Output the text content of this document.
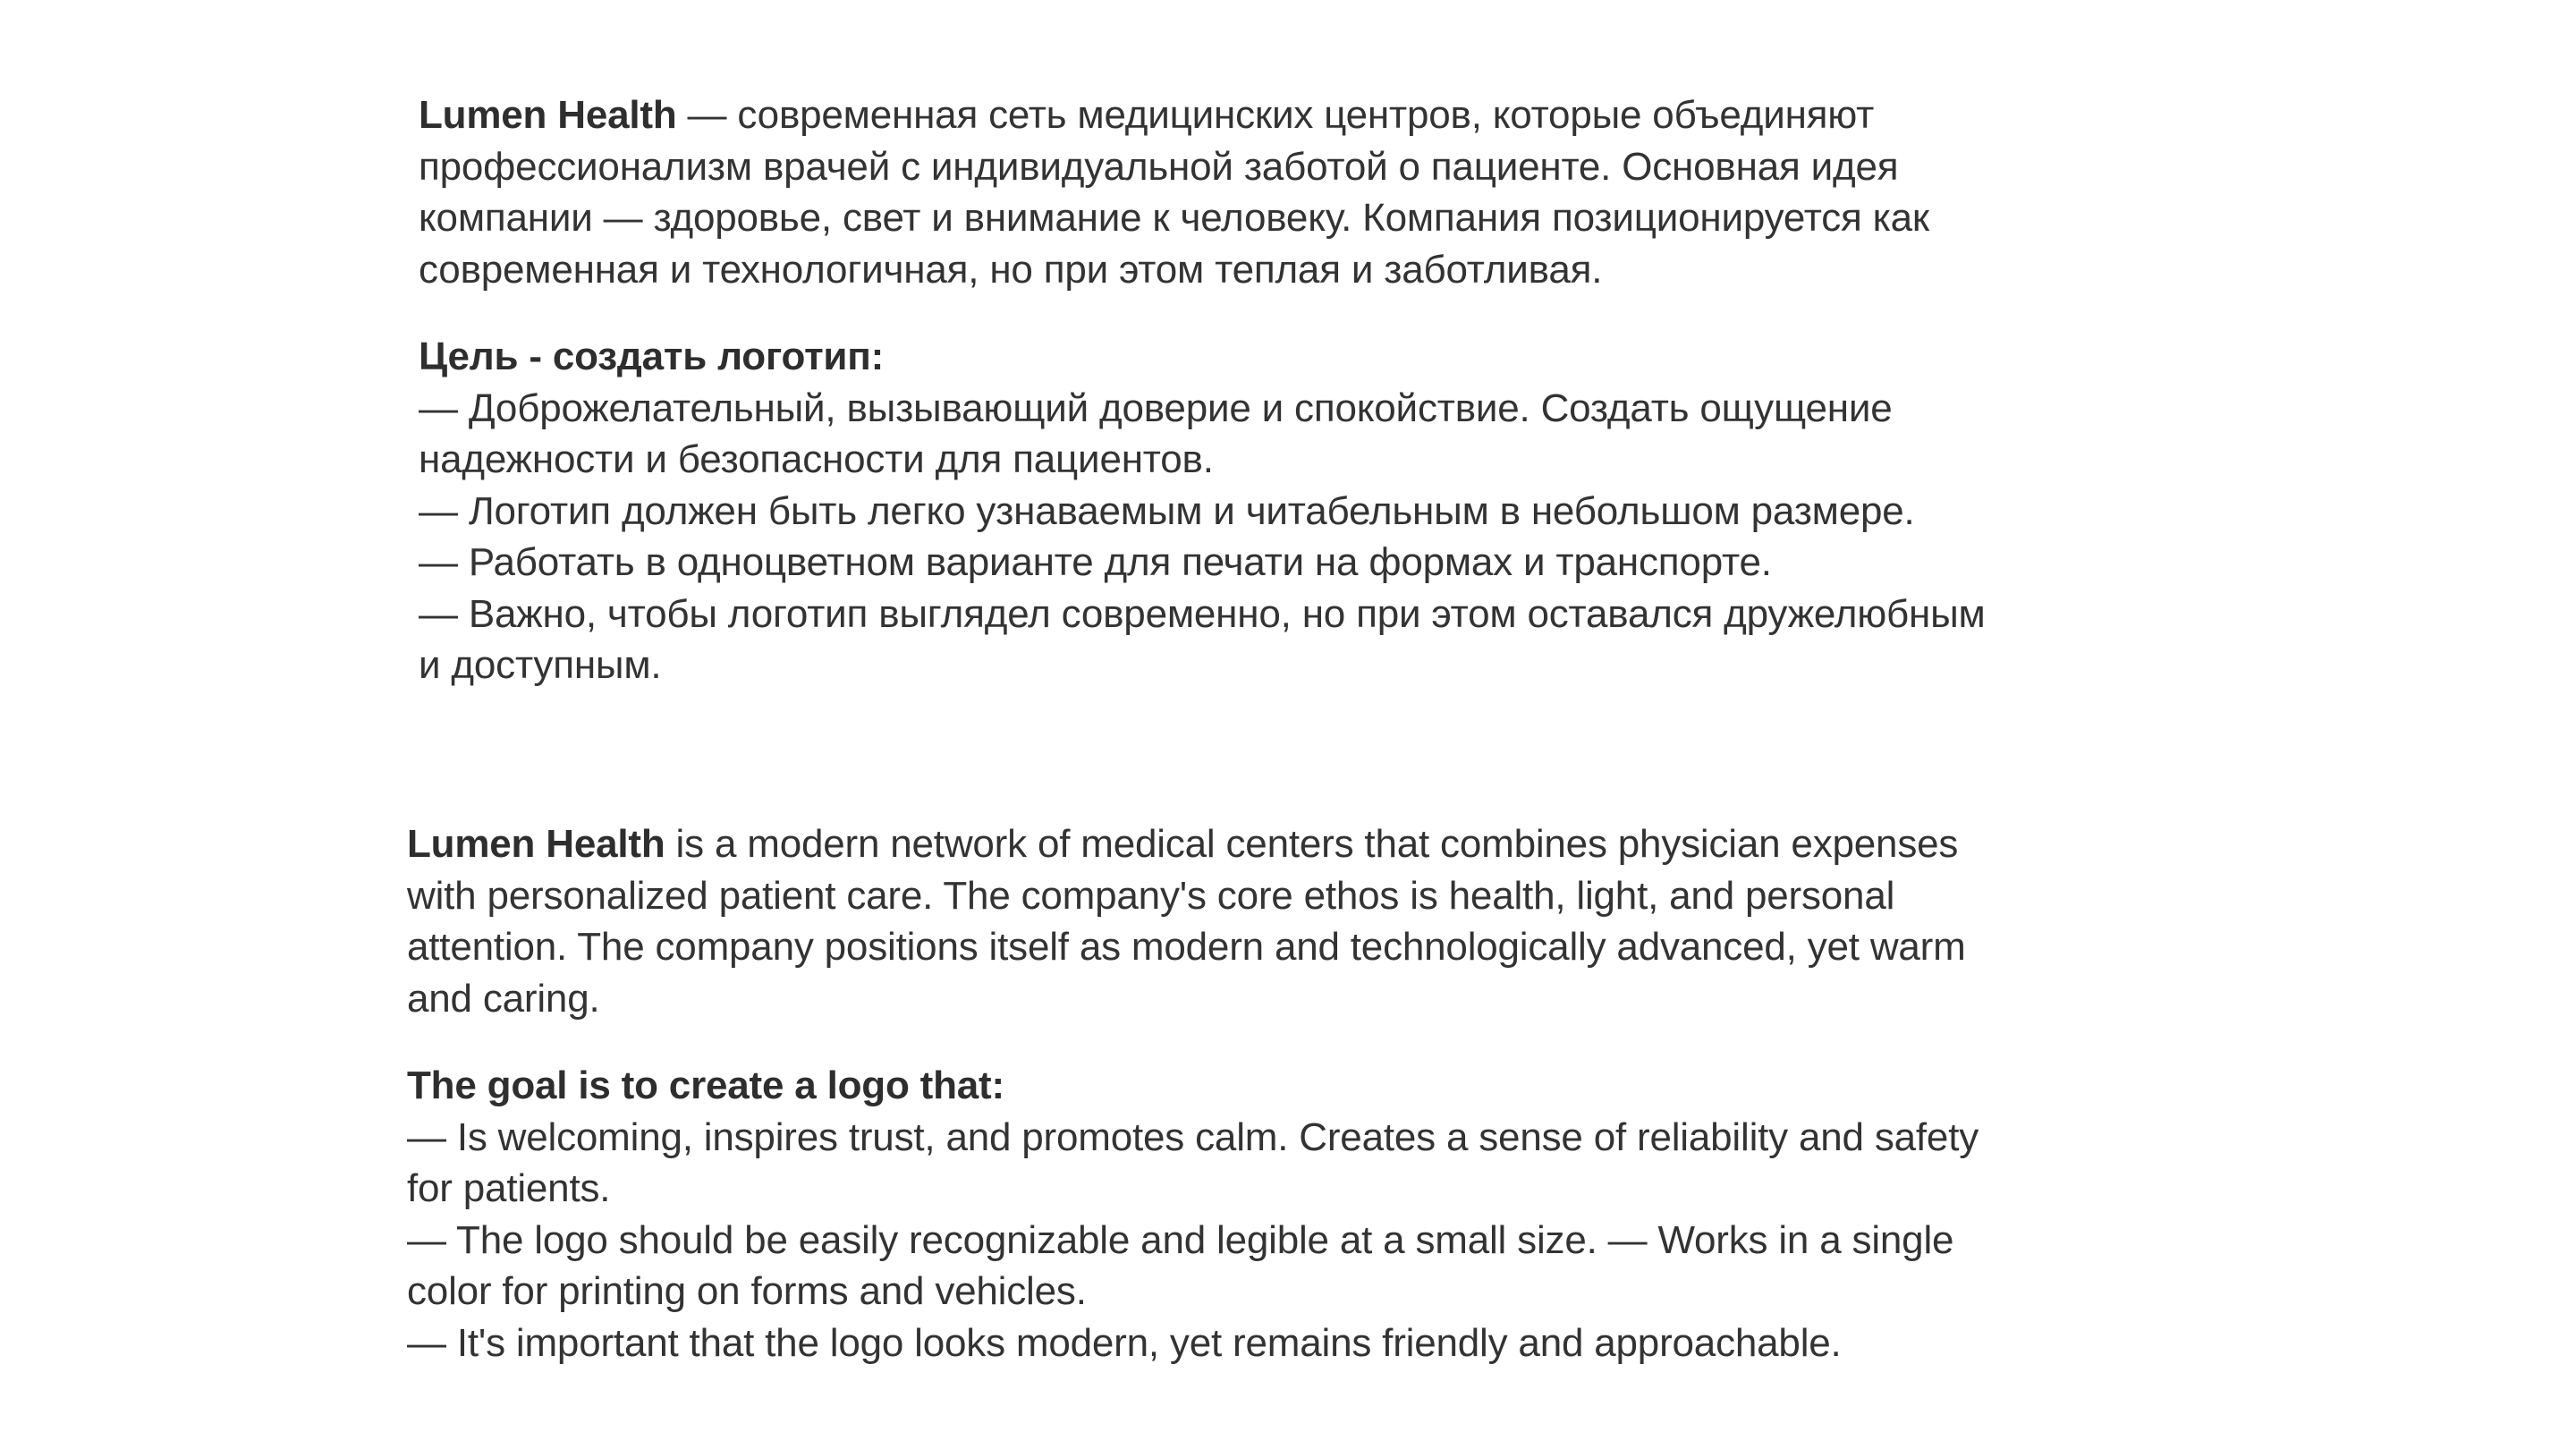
Lumen Health — современная сеть медицинских центров, которые объединяют
профессионализм врачей с индивидуальной заботой о пациенте. Основная идея
компании — здоровье, свет и внимание к человеку. Компания позиционируется как
современная и технологичная, но при этом теплая и заботливая.

Цель - создать логотип:
— Доброжелательный, вызывающий доверие и спокойствие. Создать ощущение
надежности и безопасности для пациентов.
— Логотип должен быть легко узнаваемым и читабельным в небольшом размере.
— Работать в одноцветном варианте для печати на формах и транспорте.
— Важно, чтобы логотип выглядел современно, но при этом оставался дружелюбным
и доступным.

Lumen Health is a modern network of medical centers that combines physician expenses
with personalized patient care. The company's core ethos is health, light, and personal
attention. The company positions itself as modern and technologically advanced, yet warm
and caring.

The goal is to create a logo that:
— Is welcoming, inspires trust, and promotes calm. Creates a sense of reliability and safety
for patients.
— The logo should be easily recognizable and legible at a small size. — Works in a single
color for printing on forms and vehicles.
— It's important that the logo looks modern, yet remains friendly and approachable.
